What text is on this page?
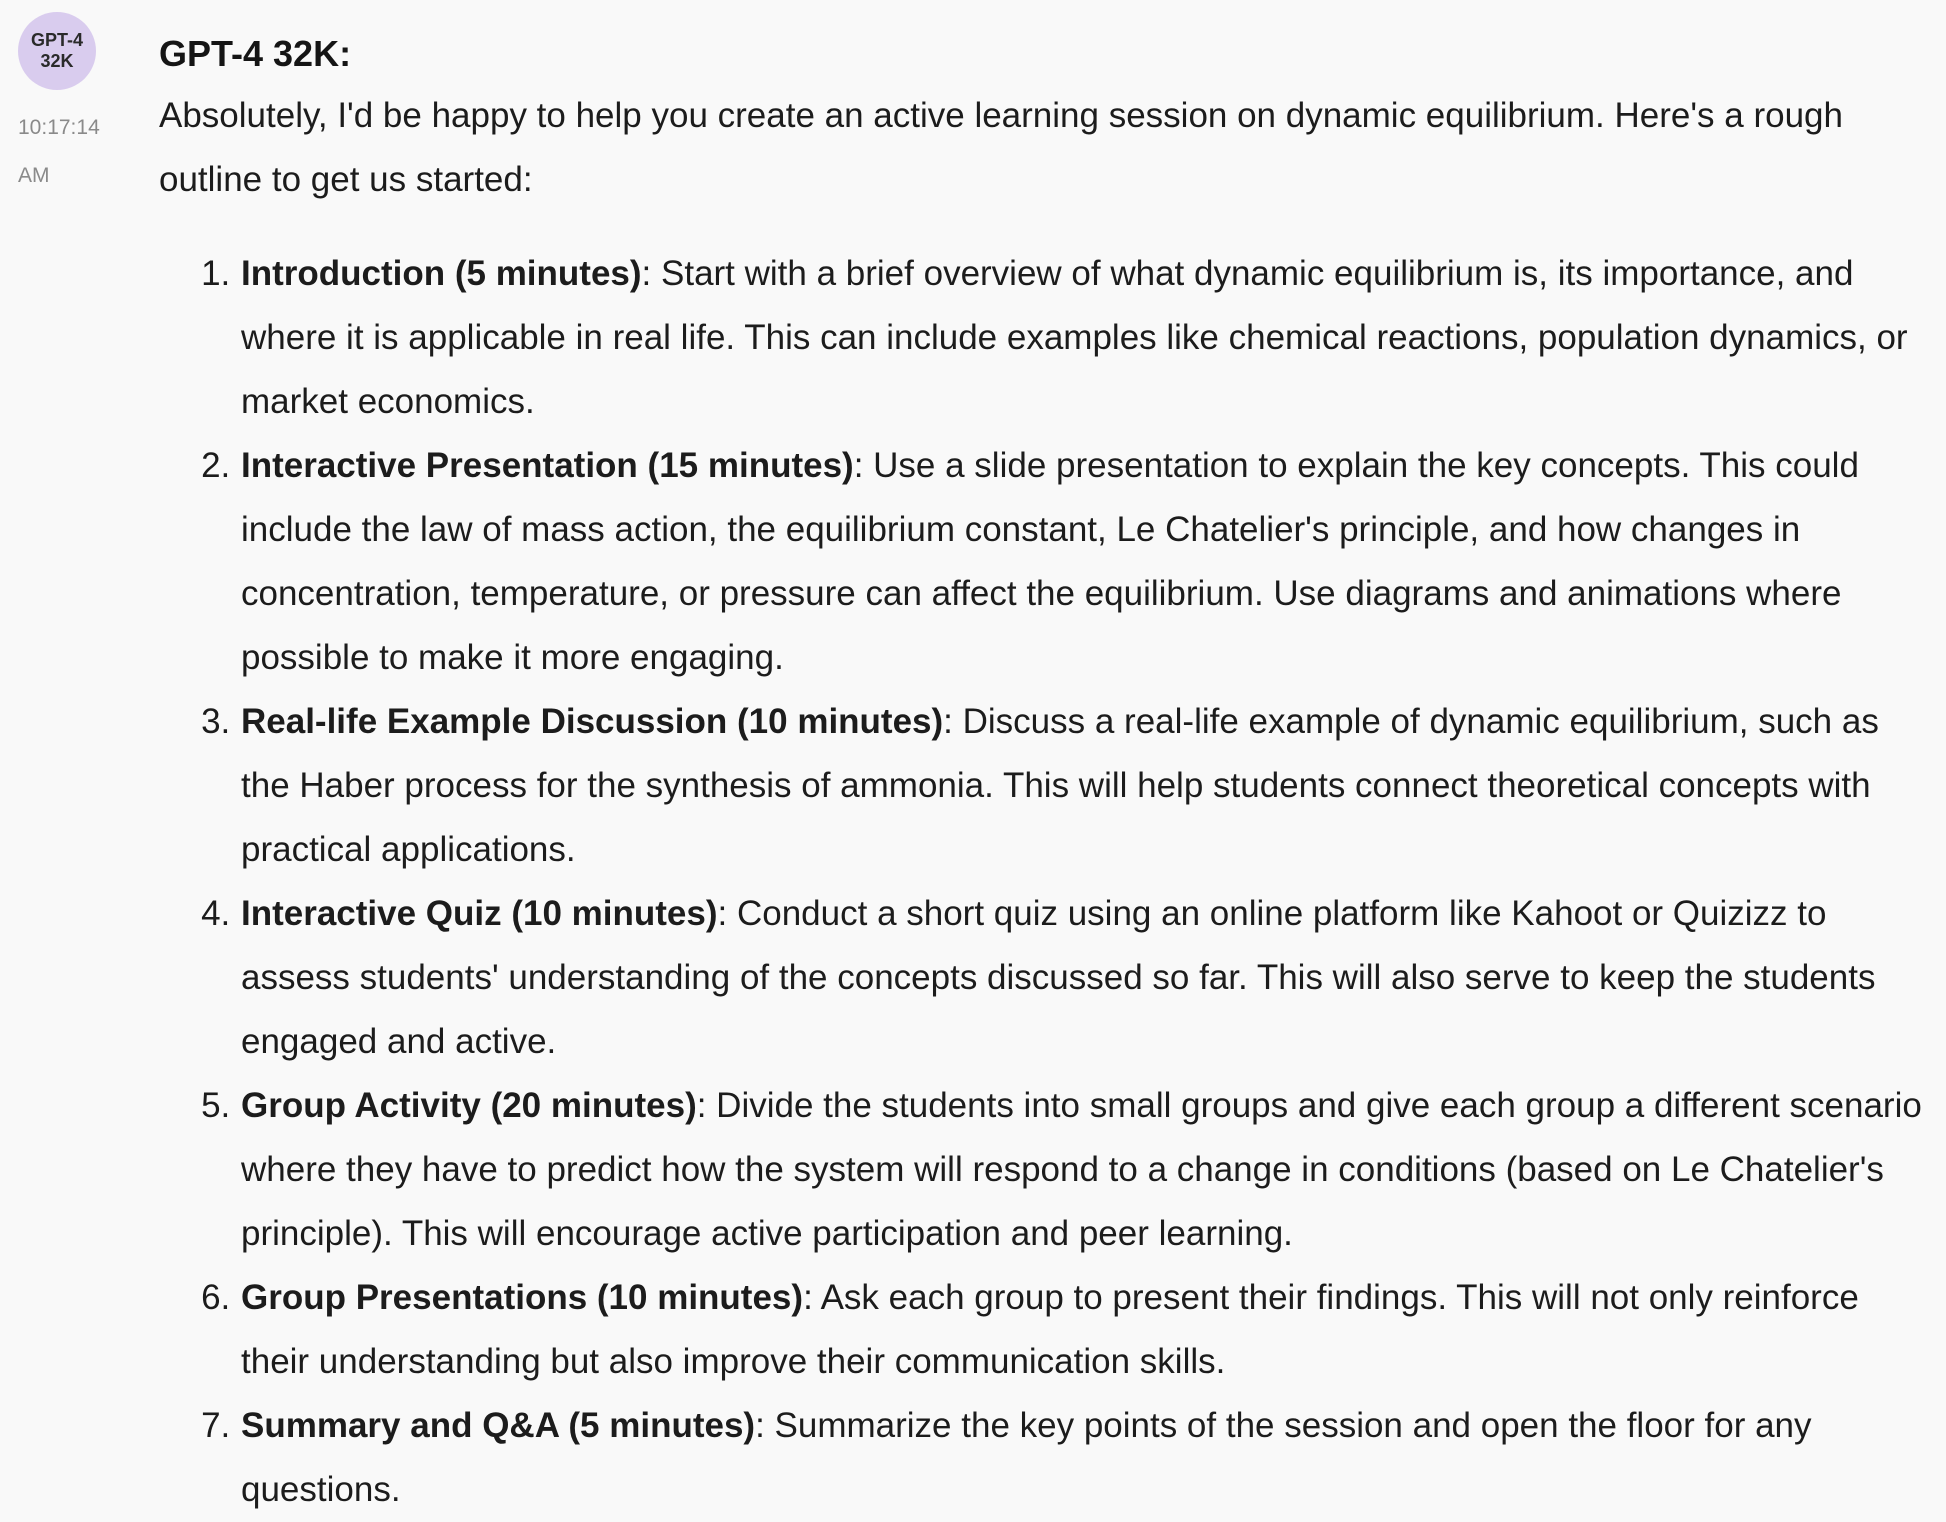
GPT-4
32K
10:17:14
AM

GPT-4 32K:

Absolutely, I'd be happy to help you create an active learning session on dynamic equilibrium. Here's a rough outline to get us started:

1. Introduction (5 minutes): Start with a brief overview of what dynamic equilibrium is, its importance, and where it is applicable in real life. This can include examples like chemical reactions, population dynamics, or market economics.
2. Interactive Presentation (15 minutes): Use a slide presentation to explain the key concepts. This could include the law of mass action, the equilibrium constant, Le Chatelier's principle, and how changes in concentration, temperature, or pressure can affect the equilibrium. Use diagrams and animations where possible to make it more engaging.
3. Real-life Example Discussion (10 minutes): Discuss a real-life example of dynamic equilibrium, such as the Haber process for the synthesis of ammonia. This will help students connect theoretical concepts with practical applications.
4. Interactive Quiz (10 minutes): Conduct a short quiz using an online platform like Kahoot or Quizizz to assess students' understanding of the concepts discussed so far. This will also serve to keep the students engaged and active.
5. Group Activity (20 minutes): Divide the students into small groups and give each group a different scenario where they have to predict how the system will respond to a change in conditions (based on Le Chatelier's principle). This will encourage active participation and peer learning.
6. Group Presentations (10 minutes): Ask each group to present their findings. This will not only reinforce their understanding but also improve their communication skills.
7. Summary and Q&A (5 minutes): Summarize the key points of the session and open the floor for any questions.
